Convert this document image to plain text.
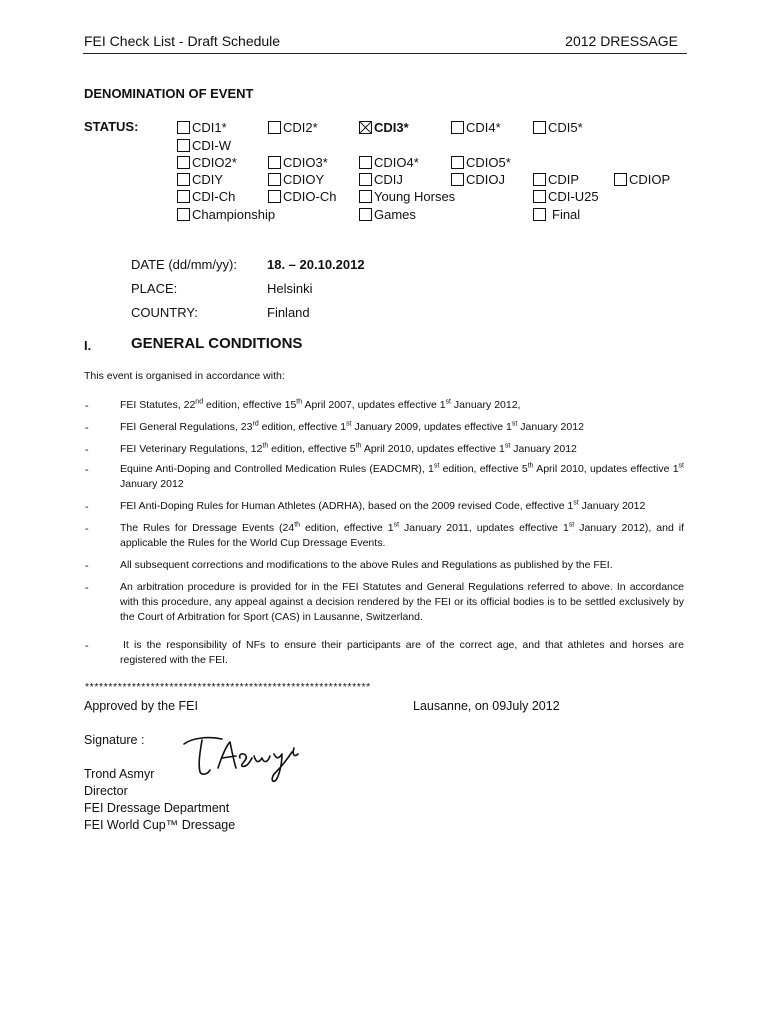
FEI Check List - Draft Schedule	2012 DRESSAGE
DENOMINATION OF EVENT
STATUS:	CDI1*	CDI2*	CDI3*	CDI4*	CDI5*
CDI-W
CDIO2*	CDIO3*	CDIO4*	CDIO5*
CDIY	CDIOY	CDIJ	CDIOJ	CDIP	CDIOP
CDI-Ch	CDIO-Ch	Young Horses	CDI-U25
Championship	Games	Final
DATE (dd/mm/yy): 18. – 20.10.2012
PLACE:	Helsinki
COUNTRY:	Finland
I.	GENERAL CONDITIONS
This event is organised in accordance with:
-	FEI Statutes, 22nd edition, effective 15th April 2007, updates effective 1st January 2012,
-	FEI General Regulations, 23rd edition, effective 1st January 2009, updates effective 1st January 2012
-	FEI Veterinary Regulations, 12th edition, effective 5th April 2010, updates effective 1st January 2012
-	Equine Anti-Doping and Controlled Medication Rules (EADCMR), 1st edition, effective 5th April 2010, updates effective 1st January 2012
-	FEI Anti-Doping Rules for Human Athletes (ADRHA), based on the 2009 revised Code, effective 1st January 2012
-	The Rules for Dressage Events (24th edition, effective 1st January 2011, updates effective 1st January 2012), and if applicable the Rules for the World Cup Dressage Events.
-	All subsequent corrections and modifications to the above Rules and Regulations as published by the FEI.
-	An arbitration procedure is provided for in the FEI Statutes and General Regulations referred to above. In accordance with this procedure, any appeal against a decision rendered by the FEI or its official bodies is to be settled exclusively by the Court of Arbitration for Sport (CAS) in Lausanne, Switzerland.
-	It is the responsibility of NFs to ensure their participants are of the correct age, and that athletes and horses are registered with the FEI.
*************************************************************
Approved by the FEI	Lausanne, on 09July 2012
Signature :
Trond Asmyr
Director
FEI Dressage Department
FEI World Cup™ Dressage
